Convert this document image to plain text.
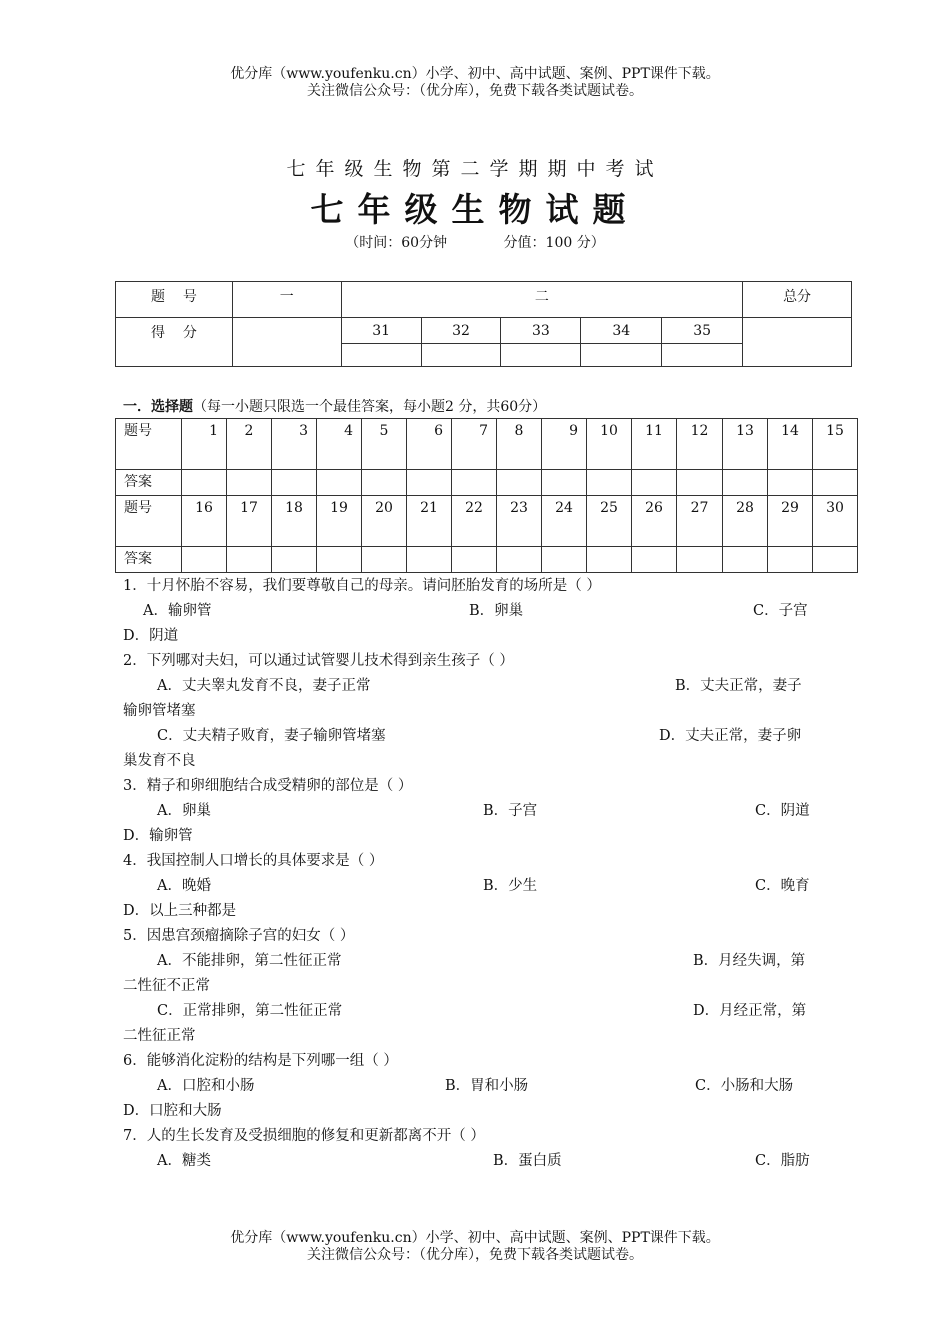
优分库（www.youfenku.cn）小学、初中、高中试题、案例、PPT课件下载。
关注微信公众号：（优分库），免费下载各类试题试卷。
七年级生物第二学期期中考试
七年级生物试题
（时间：60分钟	分值：100 分）
题    号	一	二					总分
得    分		31	32	33	34	35	

一．选择题（每一小题只限选一个最佳答案，每小题2 分，共60分）
题号	1	2	3	4	5	6	7	8	9	10	11	12	13	14	15
答案															
题号	16	17	18	19	20	21	22	23	24	25	26	27	28	29	30
答案															
1．十月怀胎不容易，我们要尊敬自己的母亲。请问胚胎发育的场所是（ ）
A．输卵管	B．卵巢	C．子宫
D．阴道
2．下列哪对夫妇，可以通过试管婴儿技术得到亲生孩子（ ）
A．丈夫睾丸发育不良，妻子正常	B．丈夫正常，妻子
输卵管堵塞
C．丈夫精子败育，妻子输卵管堵塞	D．丈夫正常，妻子卵
巢发育不良
3．精子和卵细胞结合成受精卵的部位是（ ）
A．卵巢	B．子宫	C．阴道
D．输卵管
4．我国控制人口增长的具体要求是（ ）
A．晚婚	B．少生	C．晚育
D．以上三种都是
5．因患宫颈瘤摘除子宫的妇女（ ）
A．不能排卵，第二性征正常	B．月经失调，第
二性征不正常
C．正常排卵，第二性征正常	D．月经正常，第
二性征正常
6．能够消化淀粉的结构是下列哪一组（ ）
A．口腔和小肠	B．胃和小肠	C．小肠和大肠
D．口腔和大肠
7．人的生长发育及受损细胞的修复和更新都离不开（ ）
A．糖类	B．蛋白质	C．脂肪
优分库（www.youfenku.cn）小学、初中、高中试题、案例、PPT课件下载。
关注微信公众号：（优分库），免费下载各类试题试卷。
